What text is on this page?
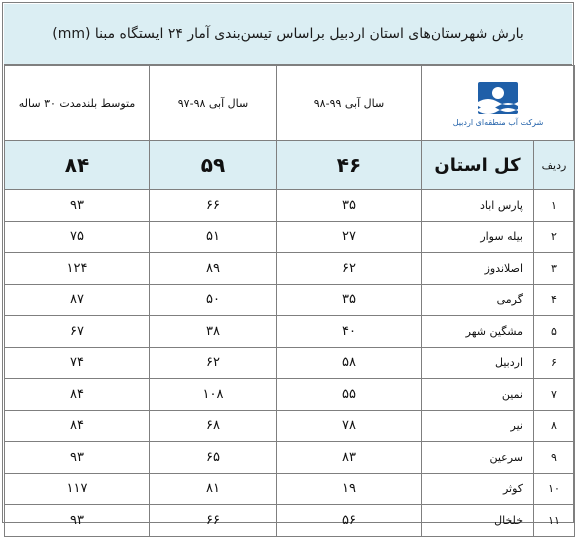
بارش شهرستان‌های استان اردبیل براساس تیسن‌بندی آمار ۲۴ ایستگاه مبنا (mm)
شرکت آب منطقه‌ای اردبیل		سال آبی ۹۹-۹۸	سال آبی ۹۸-۹۷	متوسط بلندمدت ۳۰ ساله
ردیف	کل استان	۴۶	۵۹	۸۴
۱	پارس اباد	۳۵	۶۶	۹۳
۲	بیله سوار	۲۷	۵۱	۷۵
۳	اصلاندوز	۶۲	۸۹	۱۲۴
۴	گرمی	۳۵	۵۰	۸۷
۵	مشگین شهر	۴۰	۳۸	۶۷
۶	اردبیل	۵۸	۶۲	۷۴
۷	نمین	۵۵	۱۰۸	۸۴
۸	نیر	۷۸	۶۸	۸۴
۹	سرعین	۸۳	۶۵	۹۳
۱۰	کوثر	۱۹	۸۱	۱۱۷
۱۱	خلخال	۵۶	۶۶	۹۳
